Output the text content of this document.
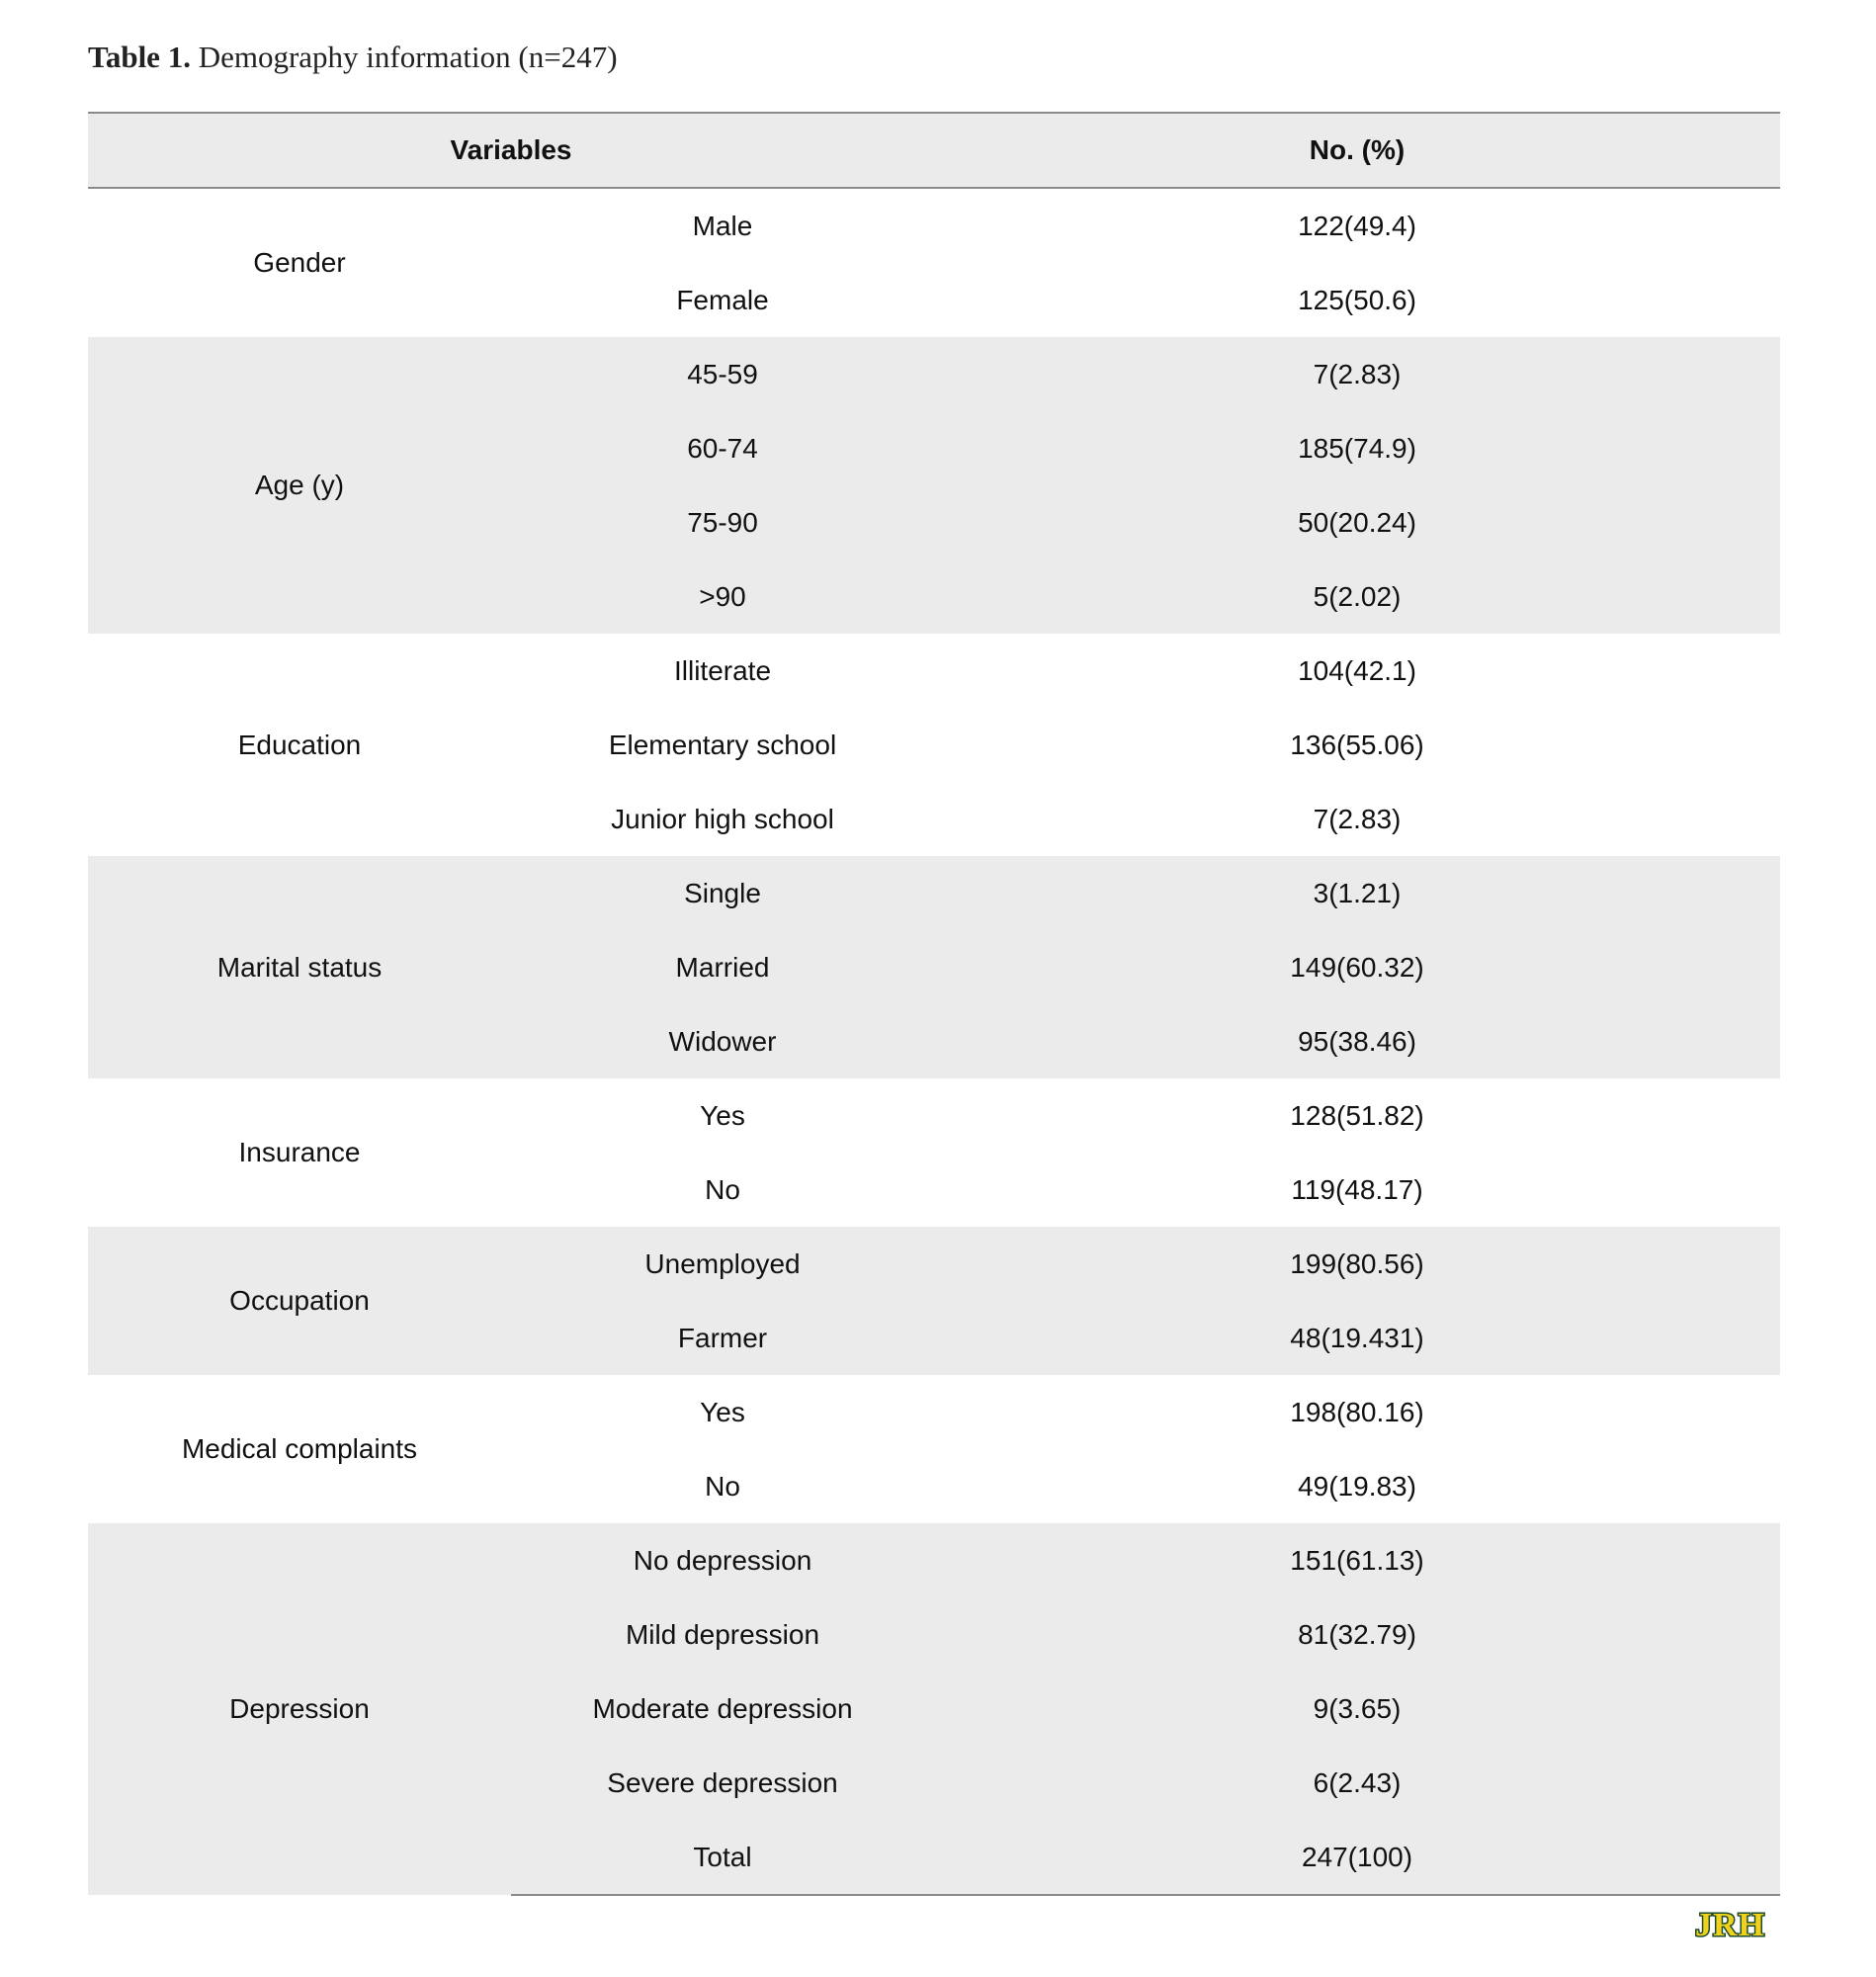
Table 1. Demography information (n=247)
Variables		No. (%)
Gender	Male	122(49.4)
	Female	125(50.6)
Age (y)	45-59	7(2.83)
	60-74	185(74.9)
	75-90	50(20.24)
	>90	5(2.02)
Education	Illiterate	104(42.1)
	Elementary school	136(55.06)
	Junior high school	7(2.83)
Marital status	Single	3(1.21)
	Married	149(60.32)
	Widower	95(38.46)
Insurance	Yes	128(51.82)
	No	119(48.17)
Occupation	Unemployed	199(80.56)
	Farmer	48(19.431)
Medical complaints	Yes	198(80.16)
	No	49(19.83)
Depression	No depression	151(61.13)
	Mild depression	81(32.79)
	Moderate depression	9(3.65)
	Severe depression	6(2.43)
	Total	247(100)
JRH
